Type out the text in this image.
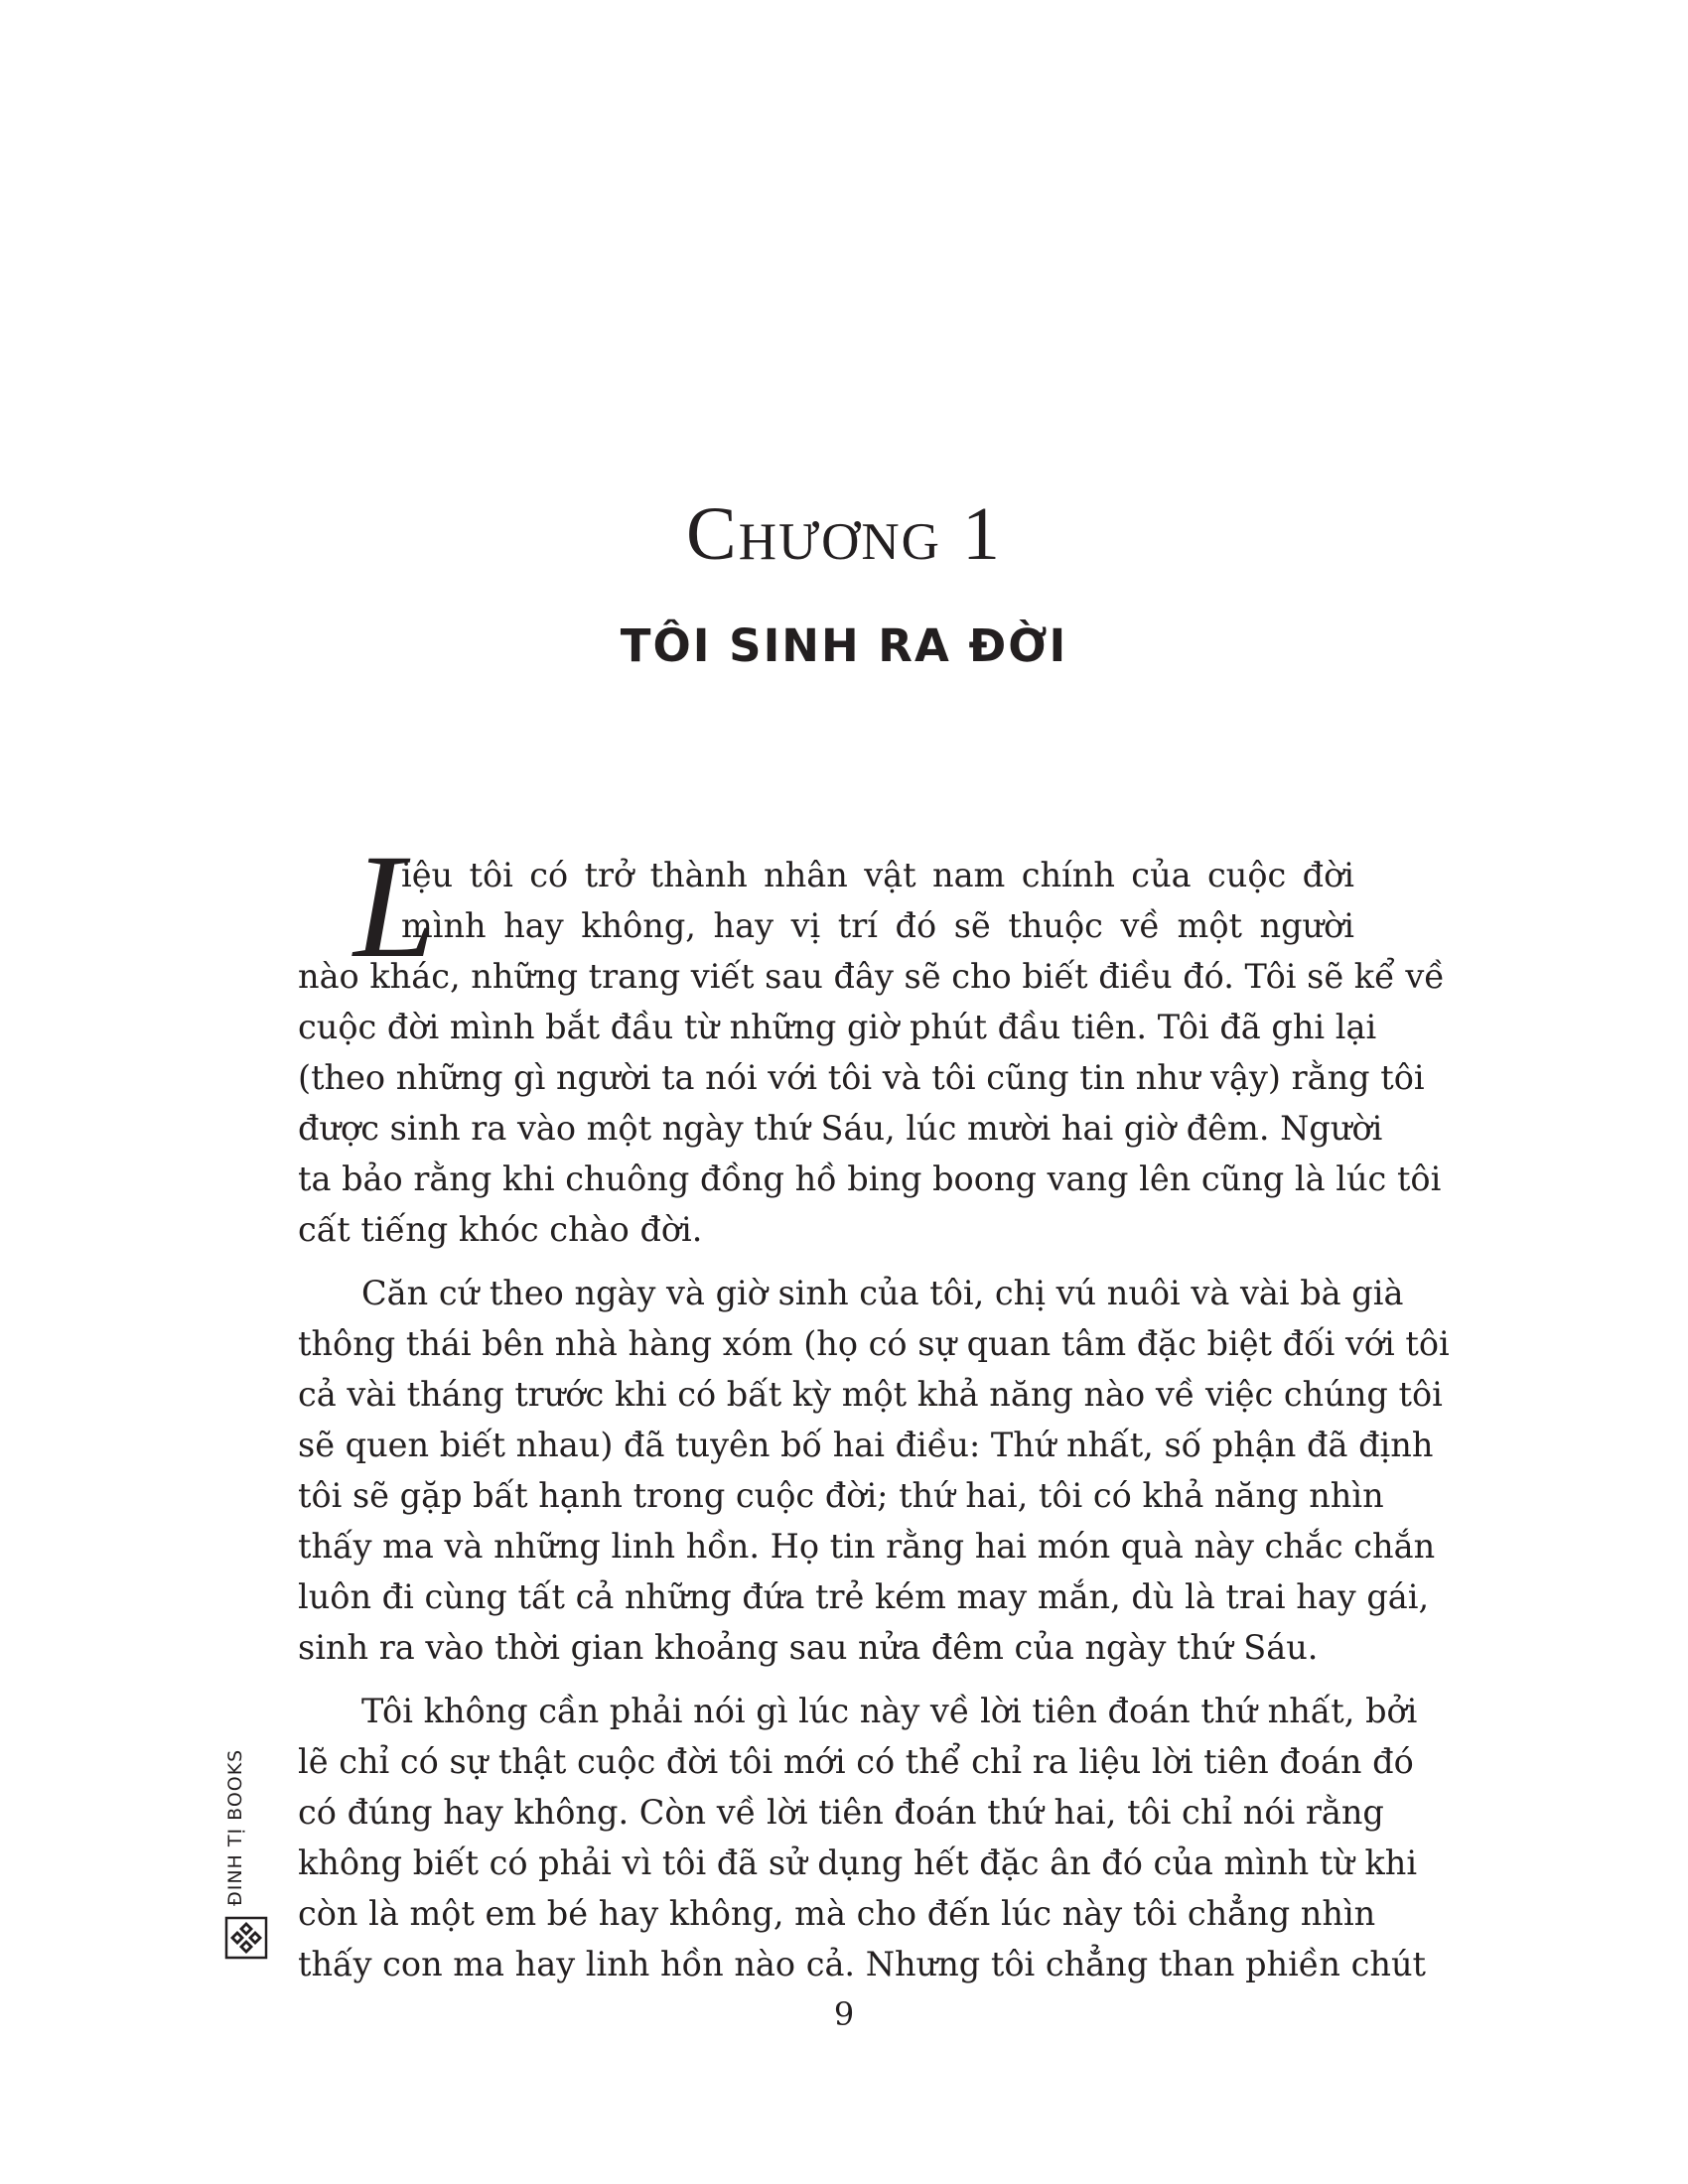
Chương 1
TÔI SINH RA ĐỜI
L
iệu tôi có trở thành nhân vật nam chính của cuộc đời
mình hay không, hay vị trí đó sẽ thuộc về một người
nào khác, những trang viết sau đây sẽ cho biết điều đó. Tôi sẽ kể về
cuộc đời mình bắt đầu từ những giờ phút đầu tiên. Tôi đã ghi lại
(theo những gì người ta nói với tôi và tôi cũng tin như vậy) rằng tôi
được sinh ra vào một ngày thứ Sáu, lúc mười hai giờ đêm. Người
ta bảo rằng khi chuông đồng hồ bing boong vang lên cũng là lúc tôi
cất tiếng khóc chào đời.
Căn cứ theo ngày và giờ sinh của tôi, chị vú nuôi và vài bà già
thông thái bên nhà hàng xóm (họ có sự quan tâm đặc biệt đối với tôi
cả vài tháng trước khi có bất kỳ một khả năng nào về việc chúng tôi
sẽ quen biết nhau) đã tuyên bố hai điều: Thứ nhất, số phận đã định
tôi sẽ gặp bất hạnh trong cuộc đời; thứ hai, tôi có khả năng nhìn
thấy ma và những linh hồn. Họ tin rằng hai món quà này chắc chắn
luôn đi cùng tất cả những đứa trẻ kém may mắn, dù là trai hay gái,
sinh ra vào thời gian khoảng sau nửa đêm của ngày thứ Sáu.
Tôi không cần phải nói gì lúc này về lời tiên đoán thứ nhất, bởi
lẽ chỉ có sự thật cuộc đời tôi mới có thể chỉ ra liệu lời tiên đoán đó
có đúng hay không. Còn về lời tiên đoán thứ hai, tôi chỉ nói rằng
không biết có phải vì tôi đã sử dụng hết đặc ân đó của mình từ khi
còn là một em bé hay không, mà cho đến lúc này tôi chẳng nhìn
thấy con ma hay linh hồn nào cả. Nhưng tôi chẳng than phiền chút
ĐINH TỊ BOOKS
9
